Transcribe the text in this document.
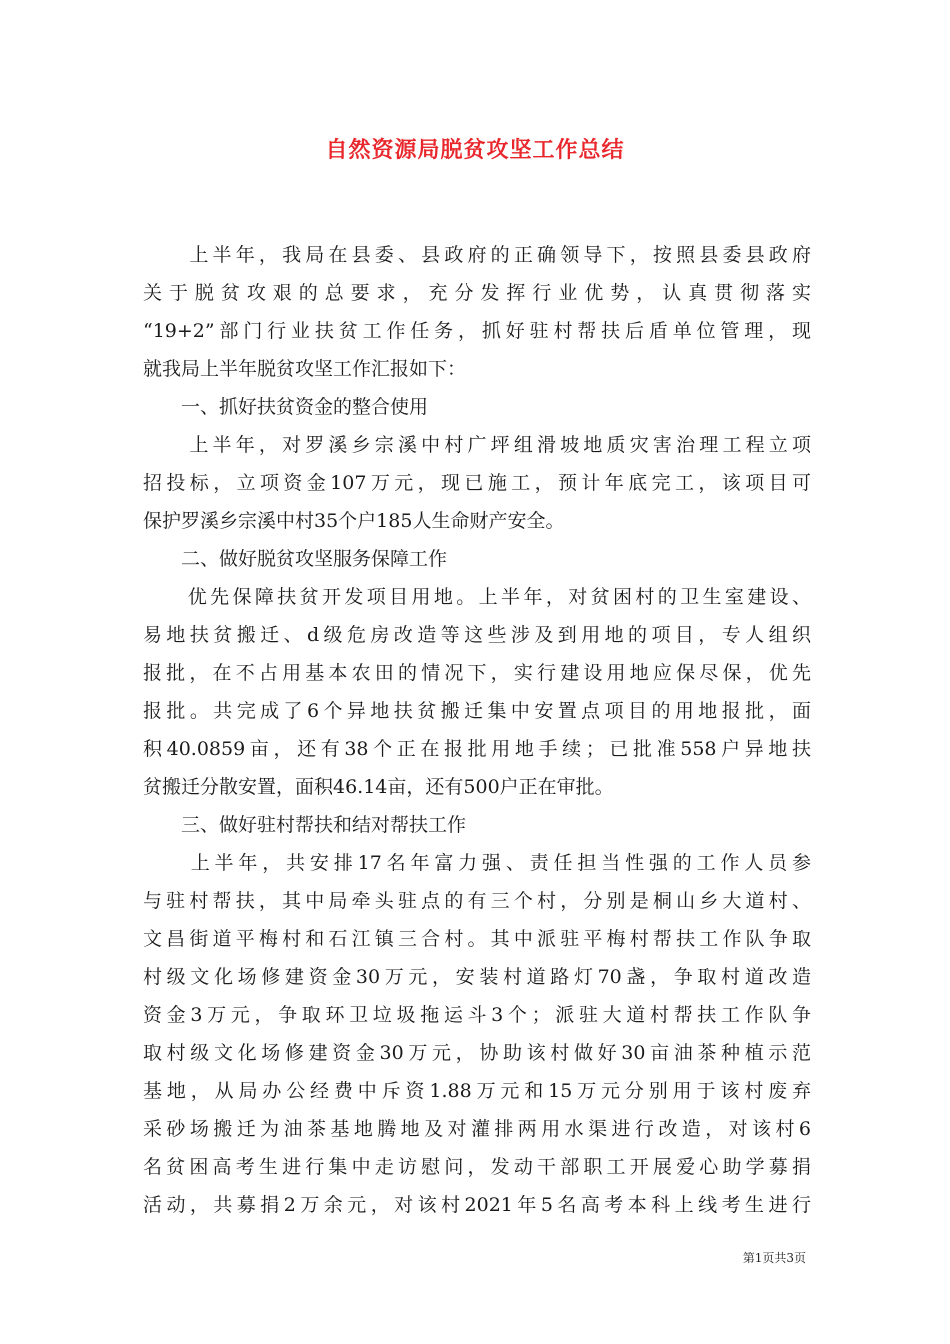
自然资源局脱贫攻坚工作总结
　　上半年，我局在县委、县政府的正确领导下，按照县委县政府
关于脱贫攻艰的总要求，充分发挥行业优势，认真贯彻落实
“19+2”部门行业扶贫工作任务，抓好驻村帮扶后盾单位管理，现
就我局上半年脱贫攻坚工作汇报如下：
　　一、抓好扶贫资金的整合使用
　　上半年，对罗溪乡宗溪中村广坪组滑坡地质灾害治理工程立项
招投标，立项资金107万元，现已施工，预计年底完工，该项目可
保护罗溪乡宗溪中村35个户185人生命财产安全。
　　二、做好脱贫攻坚服务保障工作
　　优先保障扶贫开发项目用地。上半年，对贫困村的卫生室建设、
易地扶贫搬迁、d级危房改造等这些涉及到用地的项目，专人组织
报批，在不占用基本农田的情况下，实行建设用地应保尽保，优先
报批。共完成了6个异地扶贫搬迁集中安置点项目的用地报批，面
积40.0859亩，还有38个正在报批用地手续；已批准558户异地扶
贫搬迁分散安置，面积46.14亩，还有500户正在审批。
　　三、做好驻村帮扶和结对帮扶工作
　　上半年，共安排17名年富力强、责任担当性强的工作人员参
与驻村帮扶，其中局牵头驻点的有三个村，分别是桐山乡大道村、
文昌街道平梅村和石江镇三合村。其中派驻平梅村帮扶工作队争取
村级文化场修建资金30万元，安装村道路灯70盏，争取村道改造
资金3万元，争取环卫垃圾拖运斗3个；派驻大道村帮扶工作队争
取村级文化场修建资金30万元，协助该村做好30亩油茶种植示范
基地，从局办公经费中斥资1.88万元和15万元分别用于该村废弃
采砂场搬迁为油茶基地腾地及对灌排两用水渠进行改造，对该村6
名贫困高考生进行集中走访慰问，发动干部职工开展爱心助学募捐
活动，共募捐2万余元，对该村2021年5名高考本科上线考生进行
第1页共3页
